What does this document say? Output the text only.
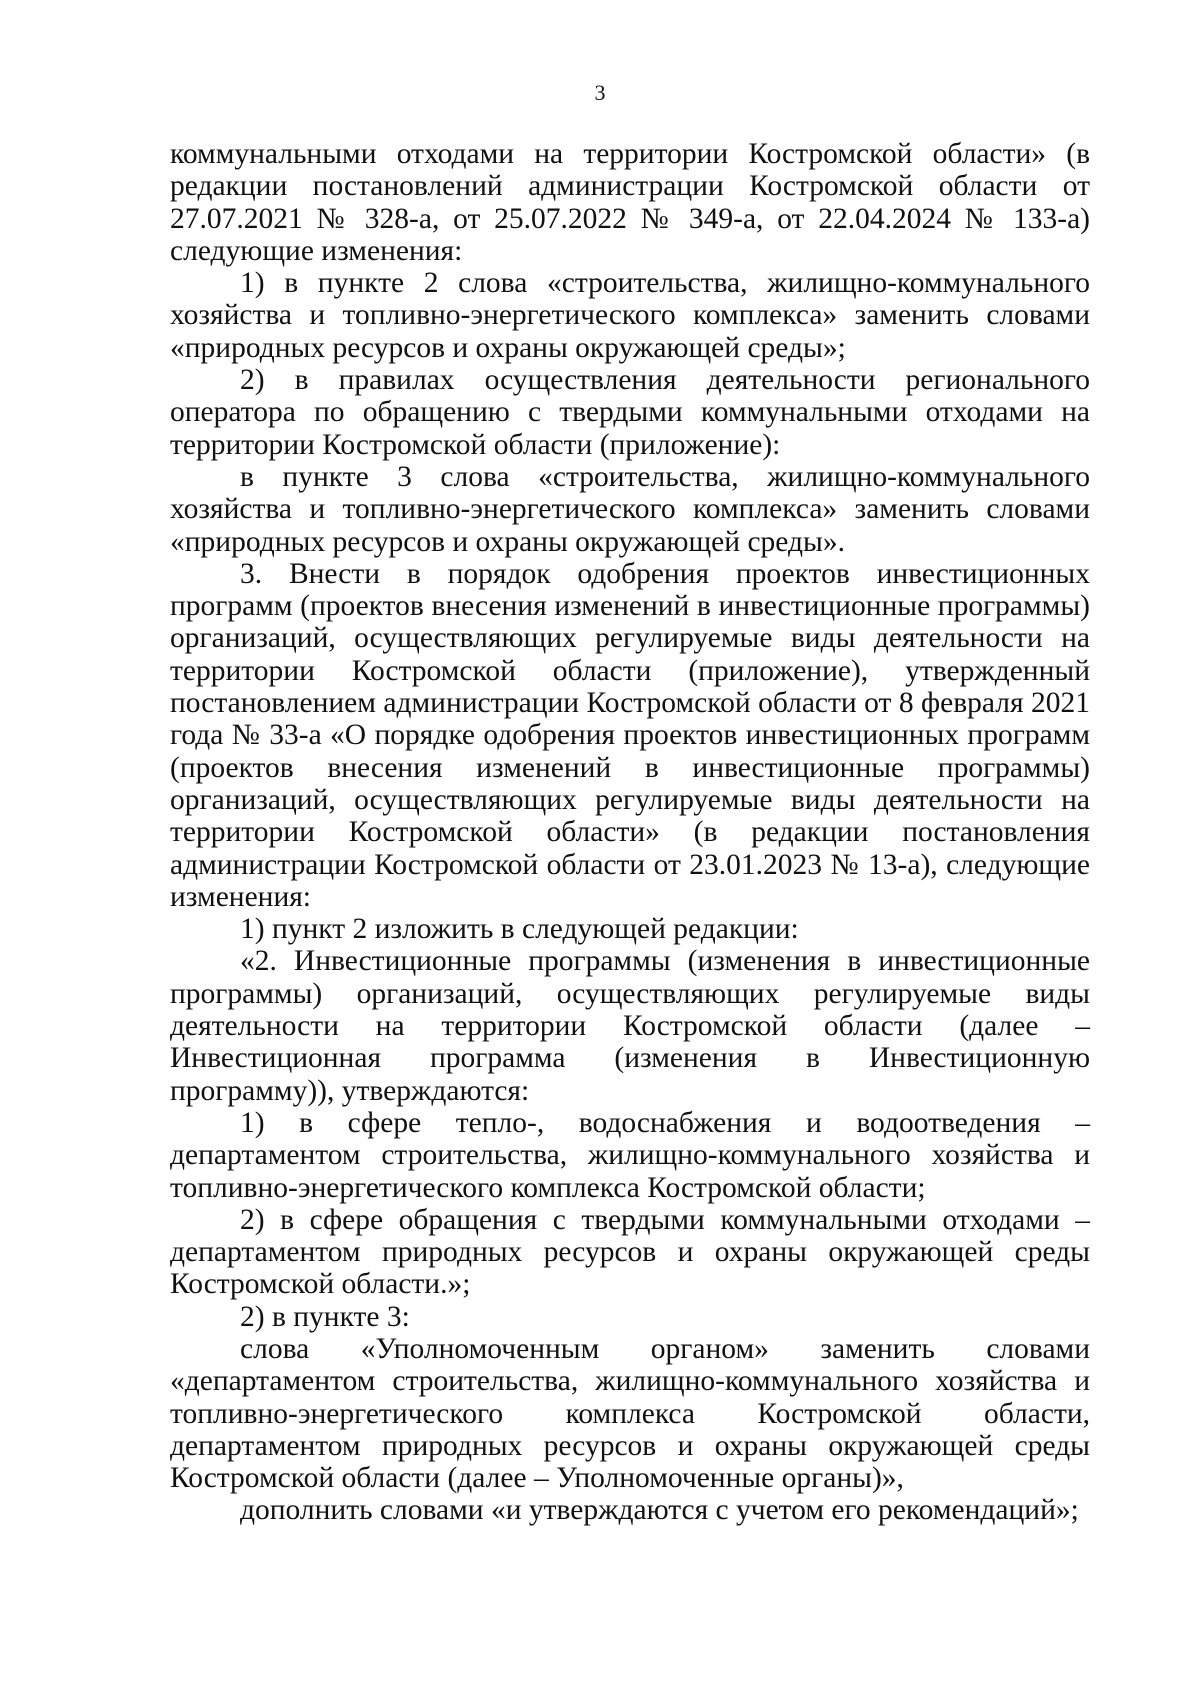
3

коммунальными отходами на территории Костромской области» (в редакции постановлений администрации Костромской области от 27.07.2021 № 328-а, от 25.07.2022 № 349-а, от 22.04.2024 № 133-а) следующие изменения:

1) в пункте 2 слова «строительства, жилищно-коммунального хозяйства и топливно-энергетического комплекса» заменить словами «природных ресурсов и охраны окружающей среды»;

2) в правилах осуществления деятельности регионального оператора по обращению с твердыми коммунальными отходами на территории Костромской области (приложение):

в пункте 3 слова «строительства, жилищно-коммунального хозяйства и топливно-энергетического комплекса» заменить словами «природных ресурсов и охраны окружающей среды».

3. Внести в порядок одобрения проектов инвестиционных программ (проектов внесения изменений в инвестиционные программы) организаций, осуществляющих регулируемые виды деятельности на территории Костромской области (приложение), утвержденный постановлением администрации Костромской области от 8 февраля 2021 года № 33-а «О порядке одобрения проектов инвестиционных программ (проектов внесения изменений в инвестиционные программы) организаций, осуществляющих регулируемые виды деятельности на территории Костромской области» (в редакции постановления администрации Костромской области от 23.01.2023 № 13-а), следующие изменения:

1) пункт 2 изложить в следующей редакции:

«2. Инвестиционные программы (изменения в инвестиционные программы) организаций, осуществляющих регулируемые виды деятельности на территории Костромской области (далее – Инвестиционная программа (изменения в Инвестиционную программу)), утверждаются:

1) в сфере тепло-, водоснабжения и водоотведения – департаментом строительства, жилищно-коммунального хозяйства и топливно-энергетического комплекса Костромской области;

2) в сфере обращения с твердыми коммунальными отходами – департаментом природных ресурсов и охраны окружающей среды Костромской области.»;

2) в пункте 3:

слова «Уполномоченным органом» заменить словами «департаментом строительства, жилищно-коммунального хозяйства и топливно-энергетического комплекса Костромской области, департаментом природных ресурсов и охраны окружающей среды Костромской области (далее – Уполномоченные органы)»,

дополнить словами «и утверждаются с учетом его рекомендаций»;
